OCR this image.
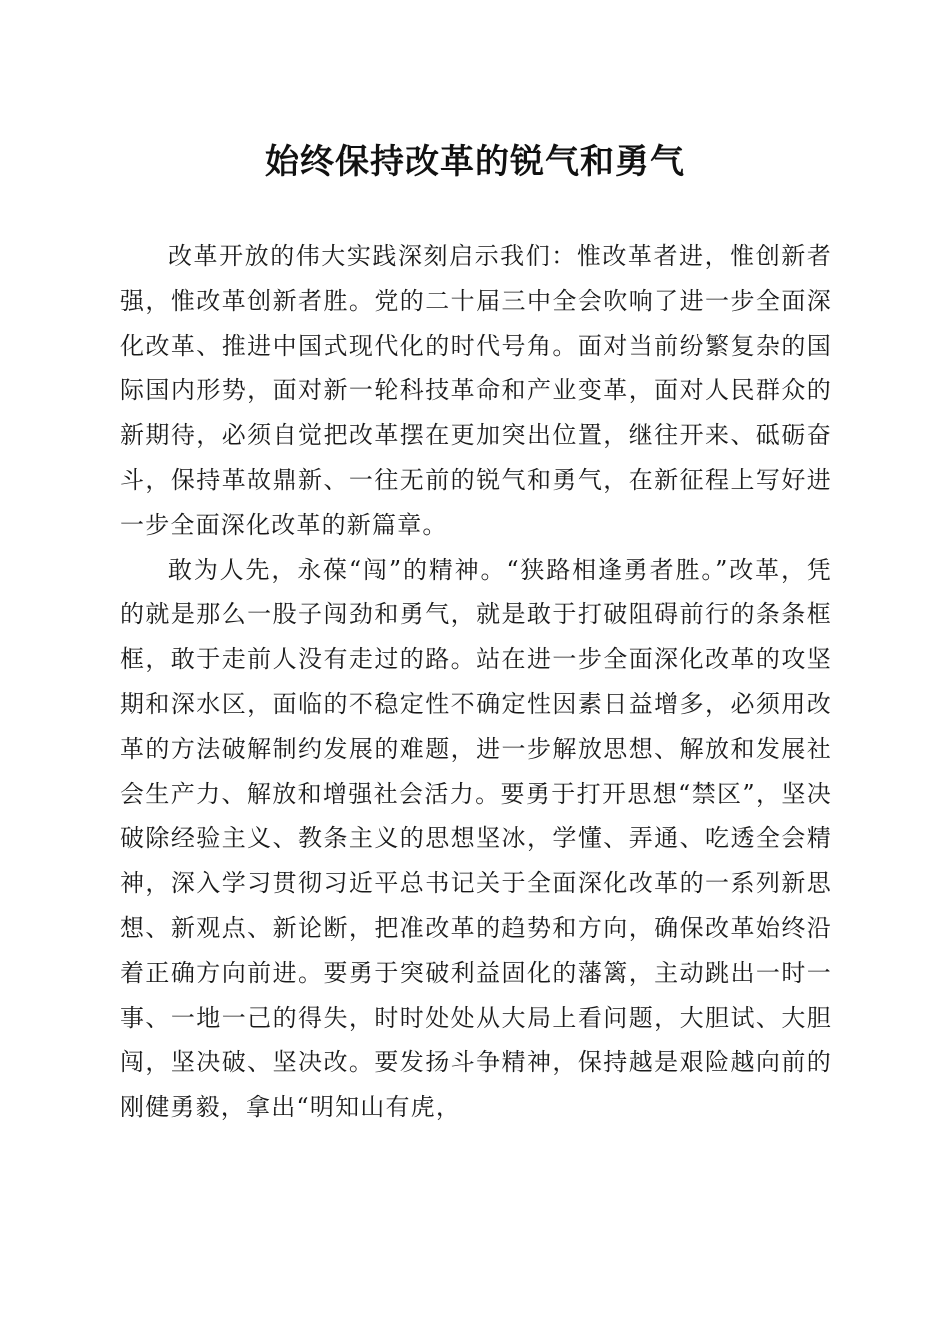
始终保持改革的锐气和勇气

改革开放的伟大实践深刻启示我们：惟改革者进，惟创新者强，惟改革创新者胜。党的二十届三中全会吹响了进一步全面深化改革、推进中国式现代化的时代号角。面对当前纷繁复杂的国际国内形势，面对新一轮科技革命和产业变革，面对人民群众的新期待，必须自觉把改革摆在更加突出位置，继往开来、砥砺奋斗，保持革故鼎新、一往无前的锐气和勇气，在新征程上写好进一步全面深化改革的新篇章。

敢为人先，永葆“闯”的精神。“狭路相逢勇者胜。”改革，凭的就是那么一股子闯劲和勇气，就是敢于打破阻碍前行的条条框框，敢于走前人没有走过的路。站在进一步全面深化改革的攻坚期和深水区，面临的不稳定性不确定性因素日益增多，必须用改革的方法破解制约发展的难题，进一步解放思想、解放和发展社会生产力、解放和增强社会活力。要勇于打开思想“禁区”，坚决破除经验主义、教条主义的思想坚冰，学懂、弄通、吃透全会精神，深入学习贯彻习近平总书记关于全面深化改革的一系列新思想、新观点、新论断，把准改革的趋势和方向，确保改革始终沿着正确方向前进。要勇于突破利益固化的藩篱，主动跳出一时一事、一地一己的得失，时时处处从大局上看问题，大胆试、大胆闯，坚决破、坚决改。要发扬斗争精神，保持越是艰险越向前的刚健勇毅，拿出“明知山有虎，
